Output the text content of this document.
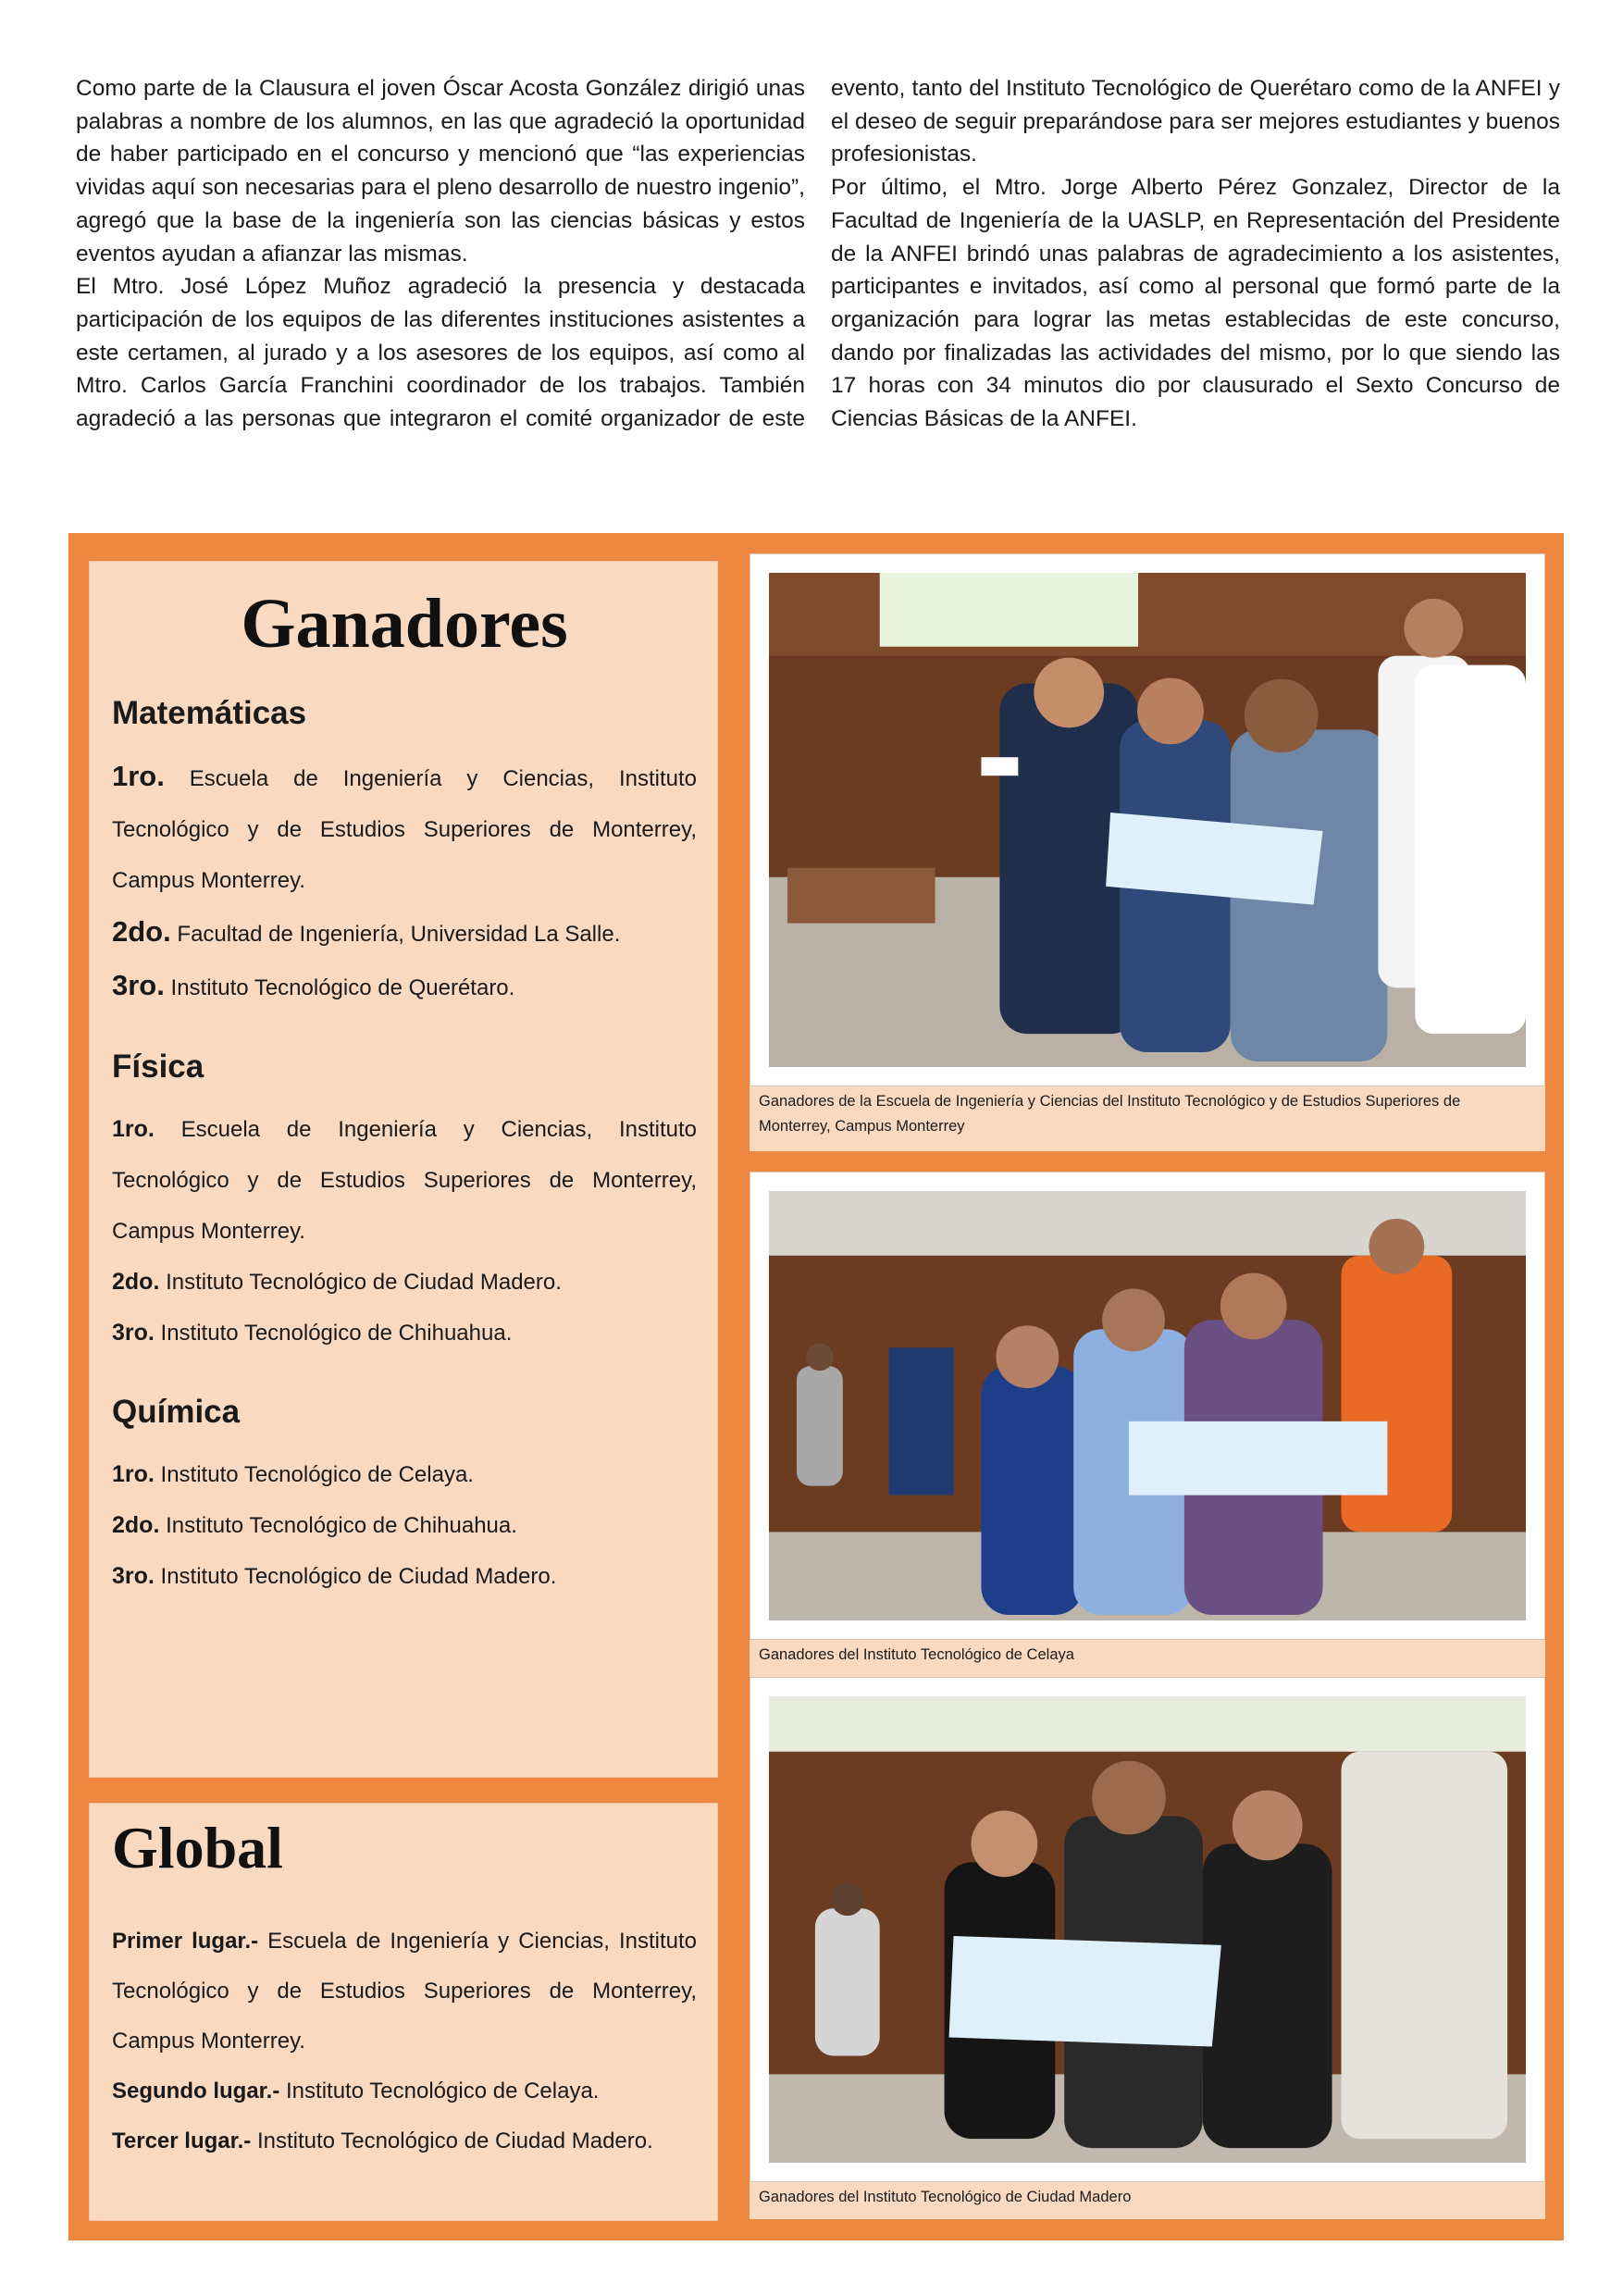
Como parte de la Clausura el joven Óscar Acosta González dirigió unas palabras a nombre de los alumnos, en las que agradeció la oportunidad de haber participado en el concurso y mencionó que “las experiencias vividas aquí son necesarias para el pleno desarrollo de nuestro ingenio”, agregó que la base de la ingeniería son las ciencias básicas y estos eventos ayudan a afianzar las mismas.

El Mtro. José López Muñoz agradeció la presencia y destacada participación de los equipos de las diferentes instituciones asistentes a este certamen, al jurado y a los asesores de los equipos, así como al Mtro. Carlos García Franchini coordinador de los trabajos. También agradeció a las personas que integraron el comité organizador de este evento, tanto del Instituto Tecnológico de Querétaro como de la ANFEI y el deseo de seguir preparándose para ser mejores estudiantes y buenos profesionistas.

Por último, el Mtro. Jorge Alberto Pérez Gonzalez, Director de la Facultad de Ingeniería de la UASLP, en Representación del Presidente de la ANFEI brindó unas palabras de agradecimiento a los asistentes, participantes e invitados, así como al personal que formó parte de la organización para lograr las metas establecidas de este concurso, dando por finalizadas las actividades del mismo, por lo que siendo las 17 horas con 34 minutos dio por clausurado el Sexto Concurso de Ciencias Básicas de la ANFEI.

Ganadores
Matemáticas

1ro. Escuela de Ingeniería y Ciencias, Instituto Tecnológico y de Estudios Superiores de Monterrey, Campus Monterrey.

2do. Facultad de Ingeniería, Universidad La Salle.

3ro. Instituto Tecnológico de Querétaro.

Física

1ro. Escuela de Ingeniería y Ciencias, Instituto Tecnológico y de Estudios Superiores de Monterrey, Campus Monterrey.

2do. Instituto Tecnológico de Ciudad Madero.

3ro. Instituto Tecnológico de Chihuahua.

Química

1ro. Instituto Tecnológico de Celaya.

2do. Instituto Tecnológico de Chihuahua.

3ro. Instituto Tecnológico de Ciudad Madero.

Global

Primer lugar.- Escuela de Ingeniería y Ciencias, Instituto Tecnológico y de Estudios Superiores de Monterrey, Campus Monterrey.

Segundo lugar.- Instituto Tecnológico de Celaya.

Tercer lugar.- Instituto Tecnológico de Ciudad Madero.

Ganadores de la Escuela de Ingeniería y Ciencias del Instituto Tecnológico y de Estudios Superiores de Monterrey, Campus Monterrey
Ganadores del Instituto Tecnológico de Celaya
Ganadores del Instituto Tecnológico de Ciudad Madero
